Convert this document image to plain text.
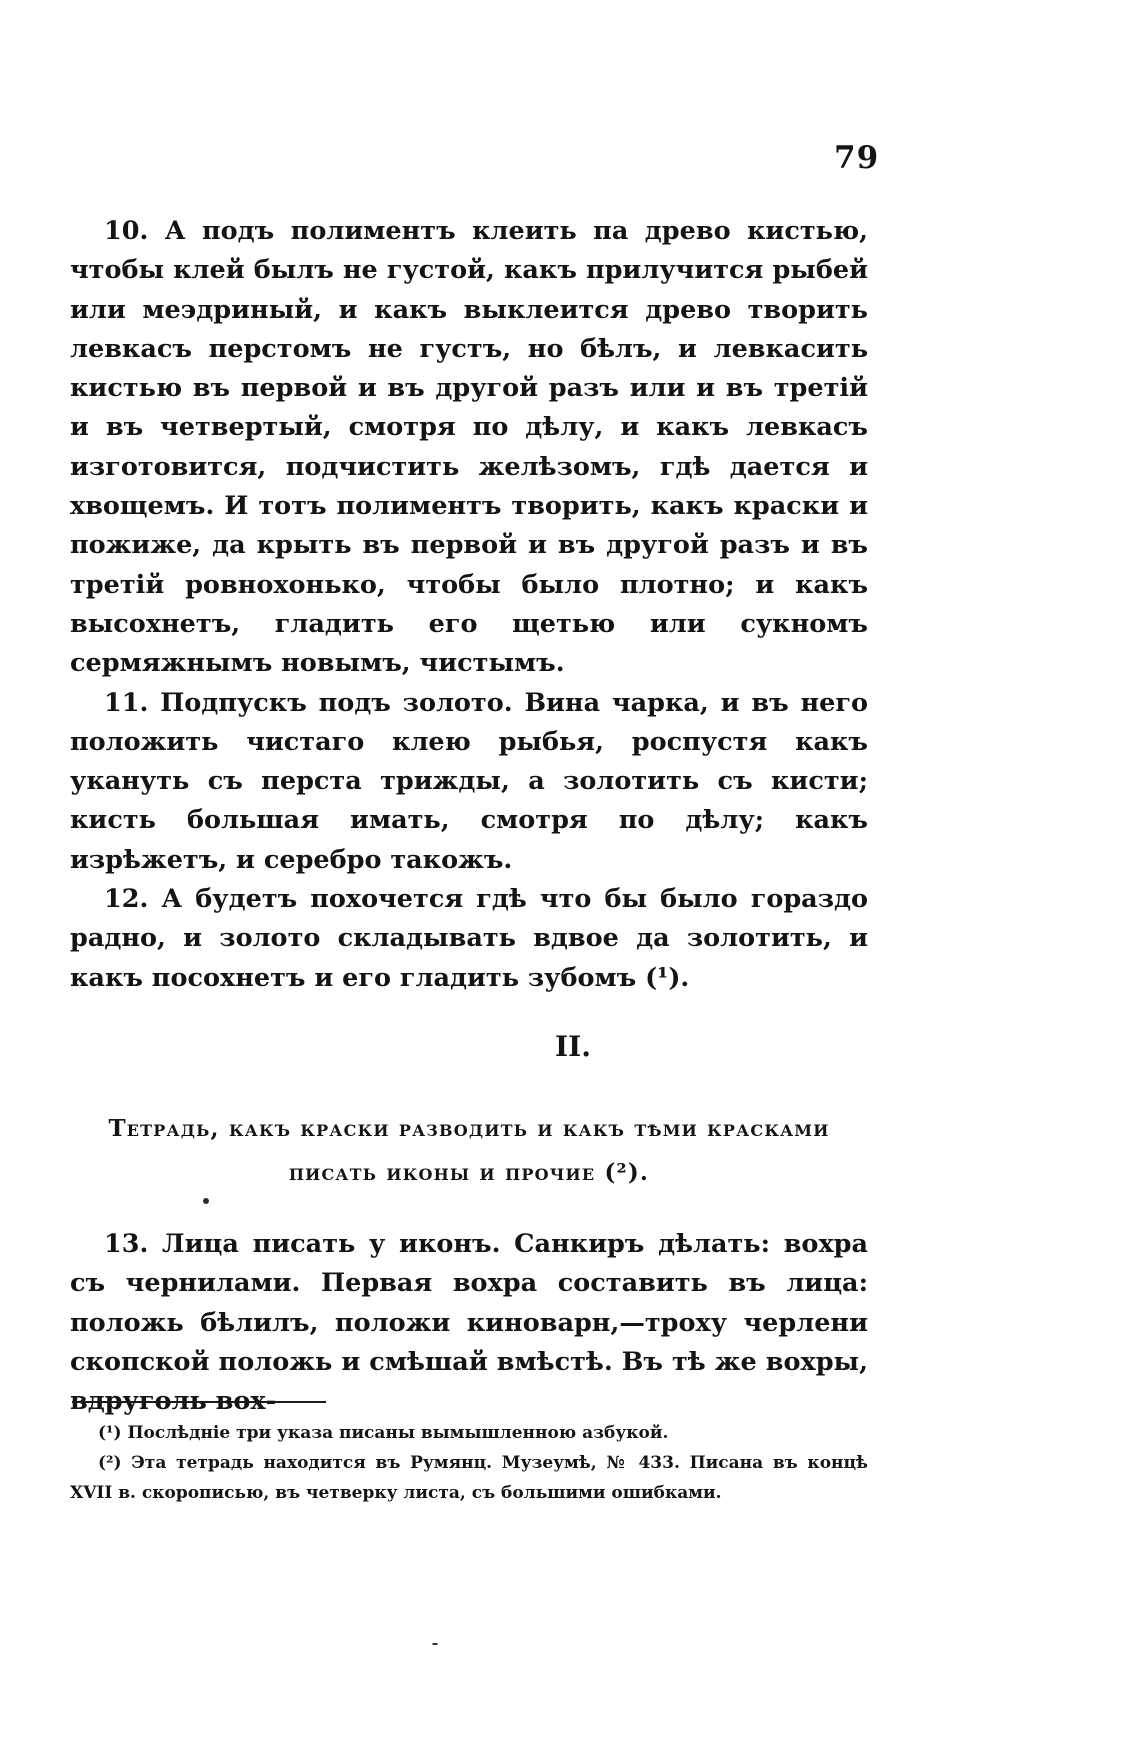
79

10. А подъ полиментъ клеить па древо кистью, чтобы клей былъ не густой, какъ прилучится рыбей или меэдриный, и какъ выклеится древо творить левкасъ перстомъ не густъ, но бѣлъ, и левкасить кистью въ первой и въ другой разъ или и въ третій и въ четвертый, смотря по дѣлу, и какъ левкасъ изготовится, подчистить желѣзомъ, гдѣ дается и хвощемъ. И тотъ полиментъ творить, какъ краски и пожиже, да крыть въ первой и въ другой разъ и въ третій ровнохонько, чтобы было плотно; и какъ высохнетъ, гладить его щетью или сукномъ сермяжнымъ новымъ, чистымъ.

11. Подпускъ подъ золото. Вина чарка, и въ него положить чистаго клею рыбья, роспустя какъ укануть съ перста трижды, а золотить съ кисти; кисть большая имать, смотря по дѣлу; какъ изрѣжетъ, и серебро такожъ.

12. А будетъ похочется гдѣ что бы было гораздо радно, и золото складывать вдвое да золотить, и какъ посохнетъ и его гладить зубомъ (¹).

II.
Тетрадь, какъ краски разводить и какъ тѣми красками
писать иконы и прочие (²).

13. Лица писать у иконъ. Санкиръ дѣлать: вохра съ чернилами. Первая вохра составить въ лица: положь бѣлилъ, положи киноварн,—троху черлени скопской положь и смѣшай вмѣстѣ. Въ тѣ же вохры, вдруголь вох-

(¹) Послѣдніе три указа писаны вымышленною азбукой.

(²) Эта тетрадь находится въ Румянц. Музеумѣ, № 433. Писана въ концѣ XVII в. скорописью, въ четверку листа, съ большими ошибками.
